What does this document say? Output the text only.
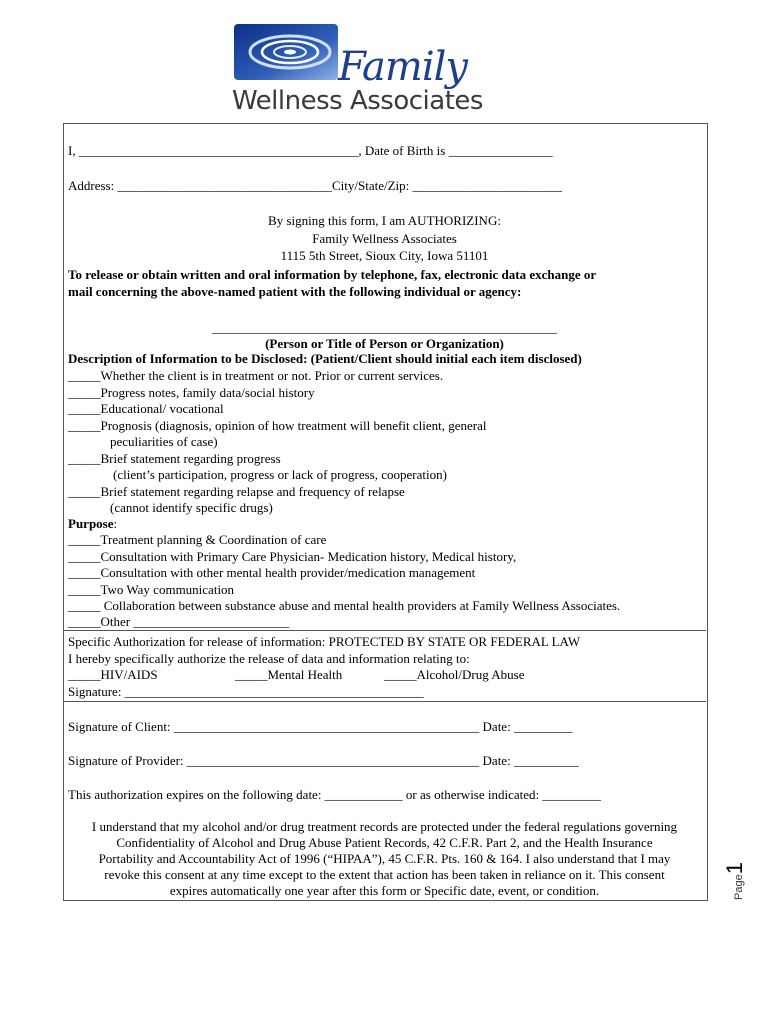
Family
Wellness Associates
I, ___________________________________________, Date of Birth is ________________
Address: _________________________________City/State/Zip: _______________________
By signing this form, I am AUTHORIZING:
Family Wellness Associates
1115 5th Street, Sioux City, Iowa 51101
To release or obtain written and oral information by telephone, fax, electronic data exchange or
mail concerning the above-named patient with the following individual or agency:
_____________________________________________________
(Person or Title of Person or Organization)
Description of Information to be Disclosed: (Patient/Client should initial each item disclosed)
_____Whether the client is in treatment or not. Prior or current services.
_____Progress notes, family data/social history
_____Educational/ vocational
_____Prognosis (diagnosis, opinion of how treatment will benefit client, general
peculiarities of case)
_____Brief statement regarding progress
(client’s participation, progress or lack of progress, cooperation)
_____Brief statement regarding relapse and frequency of relapse
(cannot identify specific drugs)
Purpose:
_____Treatment planning & Coordination of care
_____Consultation with Primary Care Physician- Medication history, Medical history,
_____Consultation with other mental health provider/medication management
_____Two Way communication
_____ Collaboration between substance abuse and mental health providers at Family Wellness Associates.
_____Other ________________________
Specific Authorization for release of information: PROTECTED BY STATE OR FEDERAL LAW
I hereby specifically authorize the release of data and information relating to:
_____HIV/AIDS	_____Mental Health	_____Alcohol/Drug Abuse
Signature: ______________________________________________
Signature of Client: _______________________________________________ Date: _________
Signature of Provider: _____________________________________________ Date: __________
This authorization expires on the following date: ____________ or as otherwise indicated: _________
I understand that my alcohol and/or drug treatment records are protected under the federal regulations governing
Confidentiality of Alcohol and Drug Abuse Patient Records, 42 C.F.R. Part 2, and the Health Insurance
Portability and Accountability Act of 1996 (“HIPAA”), 45 C.F.R. Pts. 160 & 164. I also understand that I may
revoke this consent at any time except to the extent that action has been taken in reliance on it. This consent
expires automatically one year after this form or Specific date, event, or condition.	Page1
